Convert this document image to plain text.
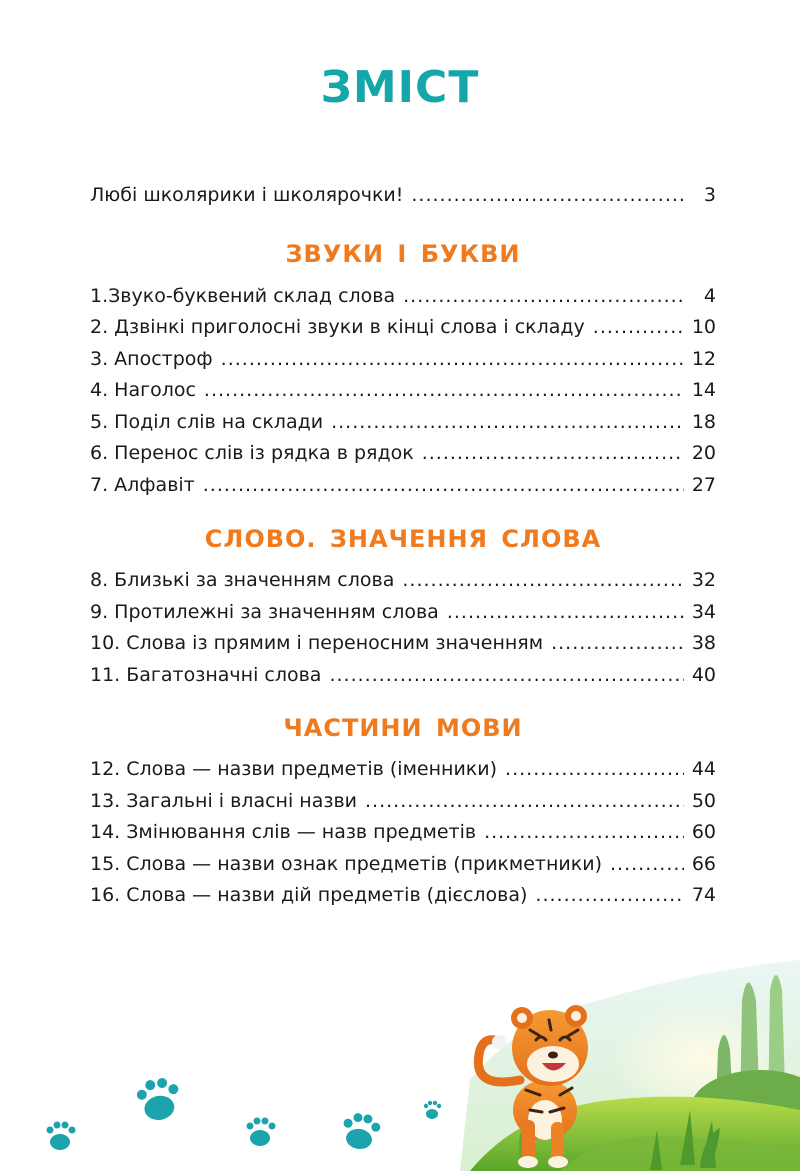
ЗМІСТ
Любі школярики і школярочки! .....	3
ЗВУКИ І БУКВИ
1.Звуко-буквений склад слова .....	4
2. Дзвінкі приголосні звуки в кінці слова і складу .....	10
3. Апостроф .....	12
4. Наголос .....	14
5. Поділ слів на склади .....	18
6. Перенос слів із рядка в рядок .....	20
7. Алфавіт .....	27
СЛОВО. ЗНАЧЕННЯ СЛОВА
8. Близькі за значенням слова .....	32
9. Протилежні за значенням слова .....	34
10. Слова із прямим і переносним значенням .....	38
11. Багатозначні слова .....	40
ЧАСТИНИ МОВИ
12. Слова — назви предметів (іменники) .....	44
13. Загальні і власні назви .....	50
14. Змінювання слів — назв предметів .....	60
15. Слова — назви ознак предметів (прикметники) .....	66
16. Слова — назви дій предметів (дієслова) .....	74
